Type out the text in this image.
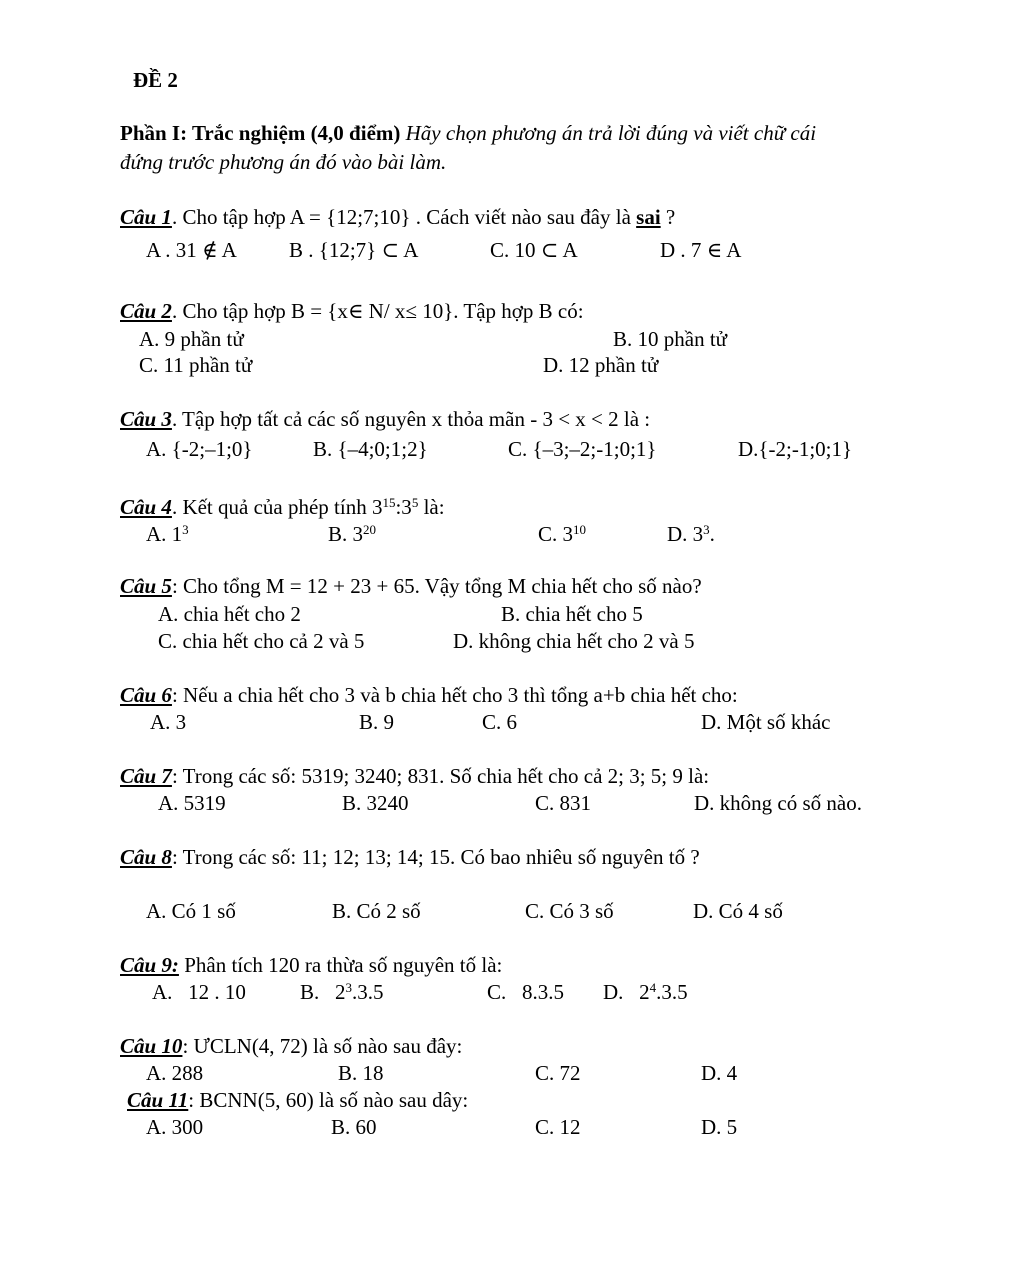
ĐỀ 2
Phần I: Trắc nghiệm (4,0 điểm) Hãy chọn phương án trả lời đúng và viết chữ cái
đứng trước phương án đó vào bài làm.
Câu 1. Cho tập hợp A = {12;7;10} . Cách viết nào sau đây là sai ?
A . 31 ∉ A B . {12;7} ⊂ A	C. 10 ⊂ A	D . 7 ∈ A
Câu 2. Cho tập hợp B = {x∈ N/ x≤ 10}. Tập hợp B có:
A. 9 phần tử	B. 10 phần tử
C. 11 phần tử	D. 12 phần tử
Câu 3. Tập hợp tất cả các số nguyên x thỏa mãn - 3 < x < 2 là :
A. {-2;–1;0}	B. {–4;0;1;2}	C. {–3;–2;-1;0;1}	D.{-2;-1;0;1}
Câu 4. Kết quả của phép tính $3^{15}:3^5$ là:
A. $1^3$	B. $3^{20}$	C. $3^{10}$	D. $3^3$.
Câu 5: Cho tổng M = 12 + 23 + 65. Vậy tổng M chia hết cho số nào?
A. chia hết cho 2	B. chia hết cho 5
C. chia hết cho cả 2 và 5	D. không chia hết cho 2 và 5
Câu 6: Nếu a chia hết cho 3 và b chia hết cho 3 thì tổng a+b chia hết cho:
A. 3	B. 9	C. 6	D. Một số khác
Câu 7: Trong các số: 5319; 3240; 831. Số chia hết cho cả 2; 3; 5; 9 là:
A. 5319	B. 3240	C. 831	D. không có số nào.
Câu 8: Trong các số: 11; 12; 13; 14; 15. Có bao nhiêu số nguyên tố ?
A. Có 1 số	B. Có 2 số	C. Có 3 số	D. Có 4 số
Câu 9: Phân tích 120 ra thừa số nguyên tố là:
A.   12 . 10	B.   $2^3.3.5$	C.   8.3.5 D.   $2^4.3.5$
Câu 10: ƯCLN(4, 72) là số nào sau đây:
A. 288	B. 18	C. 72	D. 4
Câu 11: BCNN(5, 60) là số nào sau dây:
A. 300	B. 60	C. 12	D. 5
